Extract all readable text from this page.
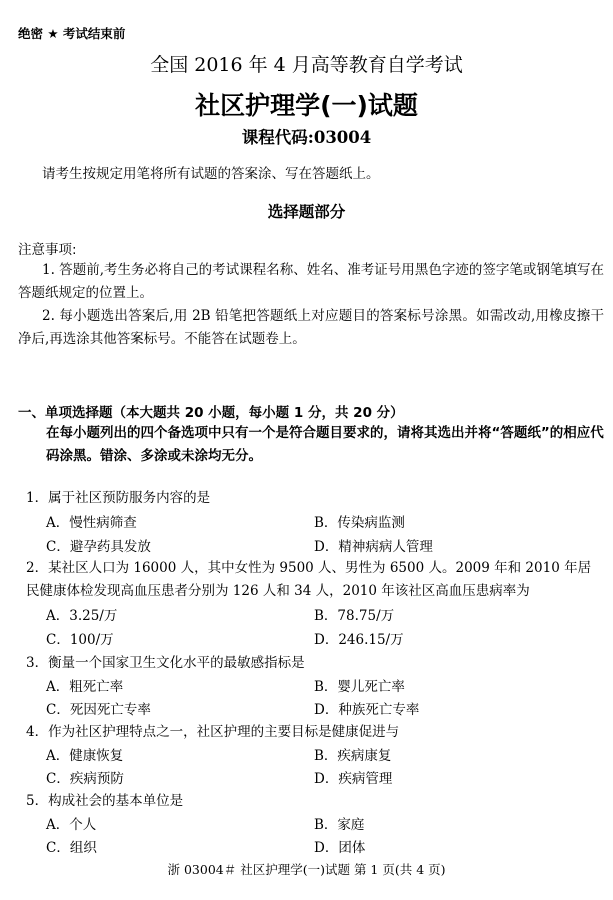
绝密 ★ 考试结束前
全国 2016 年 4 月高等教育自学考试
社区护理学(一)试题
课程代码:03004
请考生按规定用笔将所有试题的答案涂、写在答题纸上。
选择题部分
注意事项:
1. 答题前,考生务必将自己的考试课程名称、姓名、准考证号用黑色字迹的签字笔或钢笔填写在答题纸规定的位置上。
2. 每小题选出答案后,用 2B 铅笔把答题纸上对应题目的答案标号涂黑。如需改动,用橡皮擦干净后,再选涂其他答案标号。不能答在试题卷上。
一、单项选择题（本大题共 20 小题，每小题 1 分，共 20 分）
在每小题列出的四个备选项中只有一个是符合题目要求的，请将其选出并将“答题纸”的相应代码涂黑。错涂、多涂或未涂均无分。
1．属于社区预防服务内容的是
A．慢性病筛查	B．传染病监测
C．避孕药具发放	D．精神病病人管理
2．某社区人口为 16000 人，其中女性为 9500 人、男性为 6500 人。2009 年和 2010 年居民健康体检发现高血压患者分别为 126 人和 34 人，2010 年该社区高血压患病率为
A．3.25/万	B．78.75/万
C．100/万	D．246.15/万
3．衡量一个国家卫生文化水平的最敏感指标是
A．粗死亡率	B．婴儿死亡率
C．死因死亡专率	D．种族死亡专率
4．作为社区护理特点之一，社区护理的主要目标是健康促进与
A．健康恢复	B．疾病康复
C．疾病预防	D．疾病管理
5．构成社会的基本单位是
A．个人	B．家庭
C．组织	D．团体
浙 03004＃ 社区护理学(一)试题 第 1 页(共 4 页)
